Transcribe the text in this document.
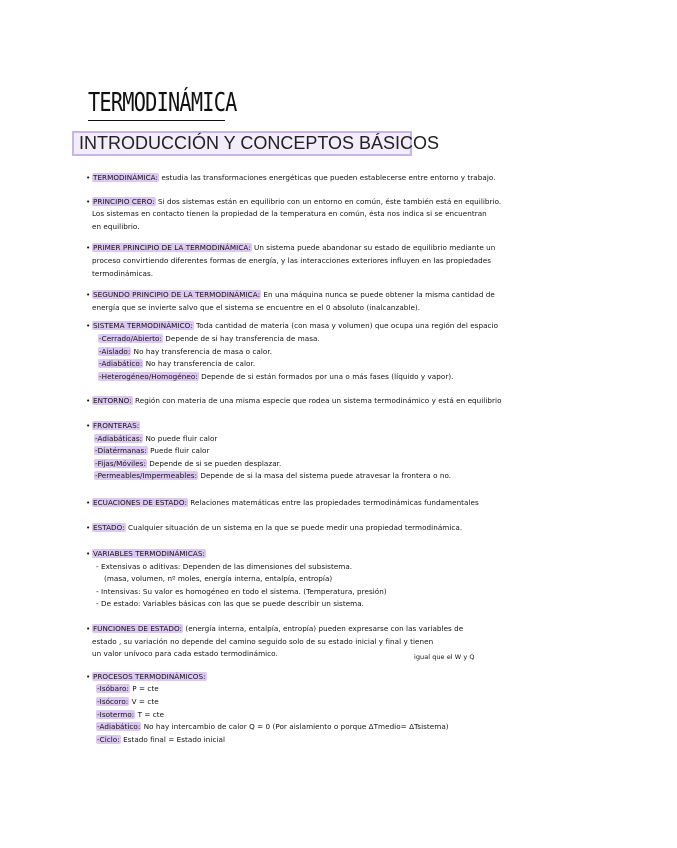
TERMODINÁMICA
INTRODUCCIÓN Y CONCEPTOS BÁSICOS
• TERMODINÁMICA: estudia las transformaciones energéticas que pueden establecerse entre entorno y trabajo.
• PRINCIPIO CERO: Si dos sistemas están en equilibrio con un entorno en común, éste también está en equilibrio.
Los sistemas en contacto tienen la propiedad de la temperatura en común, ésta nos indica si se encuentran
en equilibrio.
• PRIMER PRINCIPIO DE LA TERMODINÁMICA: Un sistema puede abandonar su estado de equilibrio mediante un
proceso convirtiendo diferentes formas de energía, y las interacciones exteriores influyen en las propiedades
termodinámicas.
• SEGUNDO PRINCIPIO DE LA TERMODINÁMICA: En una máquina nunca se puede obtener la misma cantidad de
energía que se invierte salvo que el sistema se encuentre en el 0 absoluto (inalcanzable).
• SISTEMA TERMODINÁMICO: Toda cantidad de materia (con masa y volumen) que ocupa una región del espacio
-Cerrado/Abierto: Depende de si hay transferencia de masa.
-Aislado: No hay transferencia de masa o calor.
-Adiabático: No hay transferencia de calor.
-Heterogéneo/Homogéneo: Depende de si están formados por una o más fases (líquido y vapor).
• ENTORNO: Región con materia de una misma especie que rodea un sistema termodinámico y está en equilibrio
• FRONTERAS:
-Adiabáticas: No puede fluir calor
-Diatérmanas: Puede fluir calor
-Fijas/Móviles: Depende de si se pueden desplazar.
-Permeables/Impermeables: Depende de si la masa del sistema puede atravesar la frontera o no.
• ECUACIONES DE ESTADO: Relaciones matemáticas entre las propiedades termodinámicas fundamentales
• ESTADO: Cualquier situación de un sistema en la que se puede medir una propiedad termodinámica.
• VARIABLES TERMODINÁMICAS:
- Extensivas o aditivas: Dependen de las dimensiones del subsistema.
(masa, volumen, nº moles, energía interna, entalpía, entropía)
- Intensivas: Su valor es homogéneo en todo el sistema. (Temperatura, presión)
- De estado: Variables básicas con las que se puede describir un sistema.
• FUNCIONES DE ESTADO: (energía interna, entalpía, entropía) pueden expresarse con las variables de
estado , su variación no depende del camino seguido solo de su estado inicial y final y tienen
un valor unívoco para cada estado termodinámico.	igual que el W y Q
• PROCESOS TERMODINÁMICOS:
-Isóbaro: P = cte
-Isócoro: V = cte
-Isotermo: T = cte
-Adiabático: No hay intercambio de calor Q = 0 (Por aislamiento o porque ΔTmedio= ΔTsistema)
-Ciclo: Estado final = Estado inicial
